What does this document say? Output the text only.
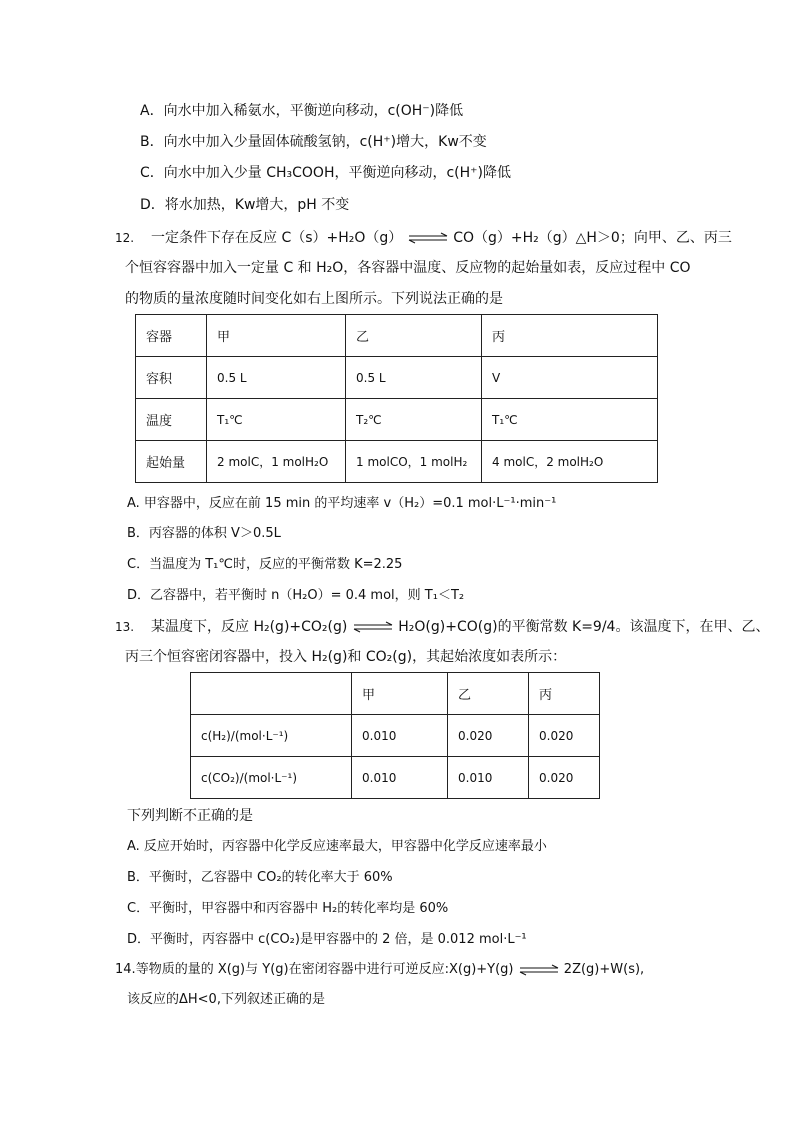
A．向水中加入稀氨水，平衡逆向移动，c(OH⁻)降低
B．向水中加入少量固体硫酸氢钠，c(H⁺)增大，Kw不变
C．向水中加入少量 CH₃COOH，平衡逆向移动，c(H⁺)降低
D．将水加热，Kw增大，pH 不变
12. 一定条件下存在反应 C（s）+H₂O（g） ⇌ CO（g）+H₂（g）△H＞0；向甲、乙、丙三
个恒容容器中加入一定量 C 和 H₂O，各容器中温度、反应物的起始量如表，反应过程中 CO
的物质的量浓度随时间变化如右上图所示。下列说法正确的是
容器	甲	乙	丙
容积	0.5 L	0.5 L	V
温度	T₁℃	T₂℃	T₁℃
起始量	2 molC，1 molH₂O	1 molCO，1 molH₂	4 molC，2 molH₂O
A. 甲容器中，反应在前 15 min 的平均速率 v（H₂）=0.1 mol·L⁻¹·min⁻¹
B．丙容器的体积 V＞0.5L
C．当温度为 T₁℃时，反应的平衡常数 K=2.25
D．乙容器中，若平衡时 n（H₂O）= 0.4 mol，则 T₁＜T₂
13. 某温度下，反应 H₂(g)+CO₂(g) ⇌ H₂O(g)+CO(g)的平衡常数 K=9/4。该温度下，在甲、乙、
丙三个恒容密闭容器中，投入 H₂(g)和 CO₂(g)，其起始浓度如表所示：
	甲	乙	丙
c(H₂)/(mol·L⁻¹)	0.010	0.020	0.020
c(CO₂)/(mol·L⁻¹)	0.010	0.010	0.020
下列判断不正确的是
A. 反应开始时，丙容器中化学反应速率最大，甲容器中化学反应速率最小
B．平衡时，乙容器中 CO₂的转化率大于 60%
C．平衡时，甲容器中和丙容器中 H₂的转化率均是 60%
D．平衡时，丙容器中 c(CO₂)是甲容器中的 2 倍，是 0.012 mol·L⁻¹
14.等物质的量的 X(g)与 Y(g)在密闭容器中进行可逆反应:X(g)+Y(g) ⇌ 2Z(g)+W(s),
该反应的ΔH<0,下列叙述正确的是
